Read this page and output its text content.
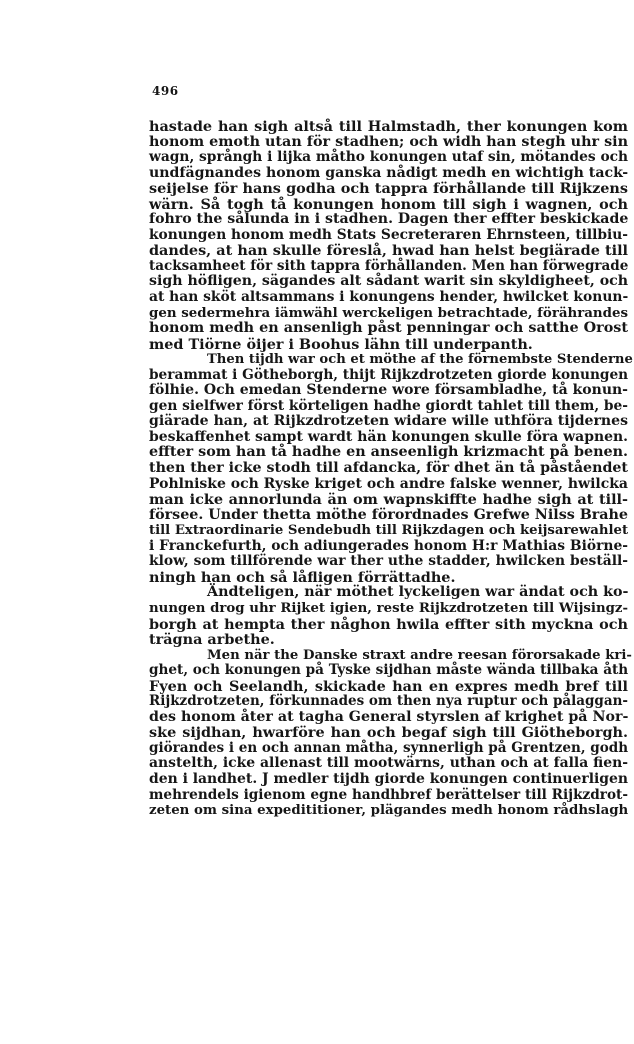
496
hastade han sigh altså till Halmstadh, ther konungen kom
honom emoth utan för stadhen; och widh han stegh uhr sin
wagn, språngh i lijka måtho konungen utaf sin, mötandes och
undfägnandes honom ganska nådigt medh en wichtigh tack-
seijelse för hans godha och tappra förhållande till Rijkzens
wärn. Så togh tå konungen honom till sigh i wagnen, och
fohro the sålunda in i stadhen. Dagen ther effter beskickade
konungen honom medh Stats Secreteraren Ehrnsteen, tillbiu-
dandes, at han skulle föreslå, hwad han helst begiärade till
tacksamheet för sith tappra förhållanden. Men han förwegrade
sigh höfligen, sägandes alt sådant warit sin skyldigheet, och
at han sköt altsammans i konungens hender, hwilcket konun-
gen sedermehra iämwähl werckeligen betrachtade, förährandes
honom medh en ansenligh påst penningar och satthe Orost
med Tiörne öijer i Boohus lähn till underpanth.
Then tijdh war och et möthe af the förnembste Stenderne
berammat i Götheborgh, thijt Rijkzdrotzeten giorde konungen
fölhie. Och emedan Stenderne wore försambladhe, tå konun-
gen sielfwer först körteligen hadhe giordt tahlet till them, be-
giärade han, at Rijkzdrotzeten widare wille uthföra tijdernes
beskaffenhet sampt wardt hän konungen skulle föra wapnen.
effter som han tå hadhe en anseenligh krizmacht på benen.
then ther icke stodh till afdancka, för dhet än tå påståendet
Pohlniske och Ryske kriget och andre falske wenner, hwilcka
man icke annorlunda än om wapnskiffte hadhe sigh at till-
försee. Under thetta möthe förordnades Grefwe Nilss Brahe
till Extraordinarie Sendebudh till Rijkzdagen och keijsarewahlet
i Franckefurth, och adiungerades honom H:r Mathias Biörne-
klow, som tillförende war ther uthe stadder, hwilcken beställ-
ningh han och så låfligen förrättadhe.
Ändteligen, när möthet lyckeligen war ändat och ko-
nungen drog uhr Rijket igien, reste Rijkzdrotzeten till Wijsingz-
borgh at hempta ther någhon hwila effter sith myckna och
trägna arbethe.
Men när the Danske straxt andre reesan förorsakade kri-
ghet, och konungen på Tyske sijdhan måste wända tillbaka åth
Fyen och Seelandh, skickade han en expres medh bref till
Rijkzdrotzeten, förkunnades om then nya ruptur och pålaggan-
des honom åter at tagha General styrslen af krighet på Nor-
ske sijdhan, hwarföre han och begaf sigh till Giötheborgh.
giörandes i en och annan måtha, synnerligh på Grentzen, godh
anstelth, icke allenast till mootwärns, uthan och at falla fien-
den i landhet. J medler tijdh giorde konungen continuerligen
mehrendels igienom egne handhbref berättelser till Rijkzdrot-
zeten om sina expedititioner, plägandes medh honom rådhslagh
